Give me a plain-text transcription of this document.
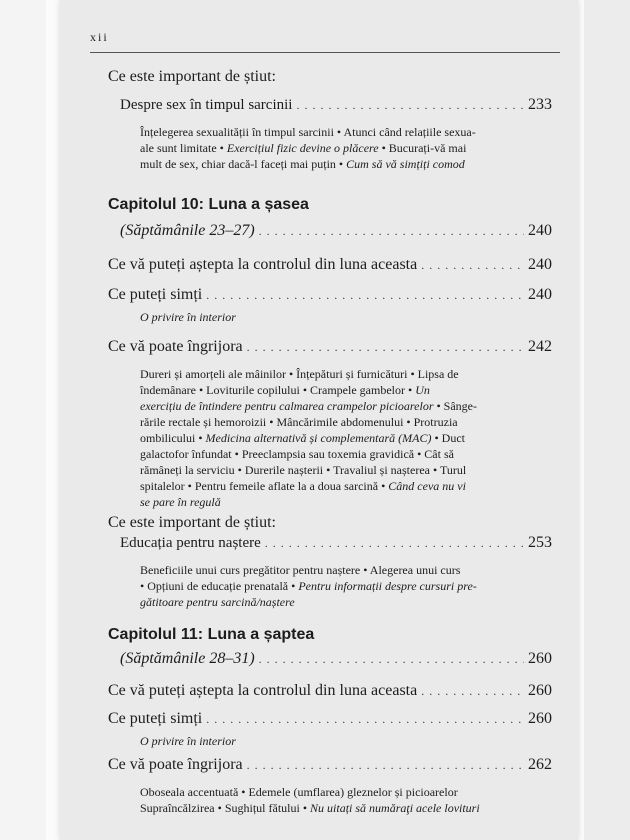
xii
Ce este important de știut:
Despre sex în timpul sarcinii . . .	233
Înțelegerea sexualității în timpul sarcinii • Atunci când relațiile sexua-
ale sunt limitate • Exercițiul fizic devine o plăcere • Bucurați-vă mai
mult de sex, chiar dacă-l faceți mai puțin • Cum să vă simțiți comod
Capitolul 10: Luna a șasea
(Săptămânile 23–27) . . .	240
Ce vă puteți aștepta la controlul din luna aceasta . . .	240
Ce puteți simți . . .	240
O privire în interior
Ce vă poate îngrijora . . .	242
Dureri și amorțeli ale mâinilor • Înțepături și furnicături • Lipsa de
îndemânare • Loviturile copilului • Crampele gambelor • Un
exercițiu de întindere pentru calmarea crampelor picioarelor • Sânge-
rările rectale și hemoroizii • Mâncărimile abdomenului • Protruzia
ombilicului • Medicina alternativă și complementară (MAC) • Duct
galactofor înfundat • Preeclampsia sau toxemia gravidică • Cât să
rămâneți la serviciu • Durerile nașterii • Travaliul și nașterea • Turul
spitalelor • Pentru femeile aflate la a doua sarcină • Când ceva nu vi
se pare în regulă
Ce este important de știut:
Educația pentru naștere . . .	253
Beneficiile unui curs pregătitor pentru naștere • Alegerea unui curs
• Opțiuni de educație prenatală • Pentru informații despre cursuri pre-
gătitoare pentru sarcină/naștere
Capitolul 11: Luna a șaptea
(Săptămânile 28–31) . . .	260
Ce vă puteți aștepta la controlul din luna aceasta . . .	260
Ce puteți simți . . .	260
O privire în interior
Ce vă poate îngrijora . . .	262
Oboseala accentuată • Edemele (umflarea) gleznelor și picioarelor
Supraîncălzirea • Sughițul fătului • Nu uitați să număraţi acele lovituri
